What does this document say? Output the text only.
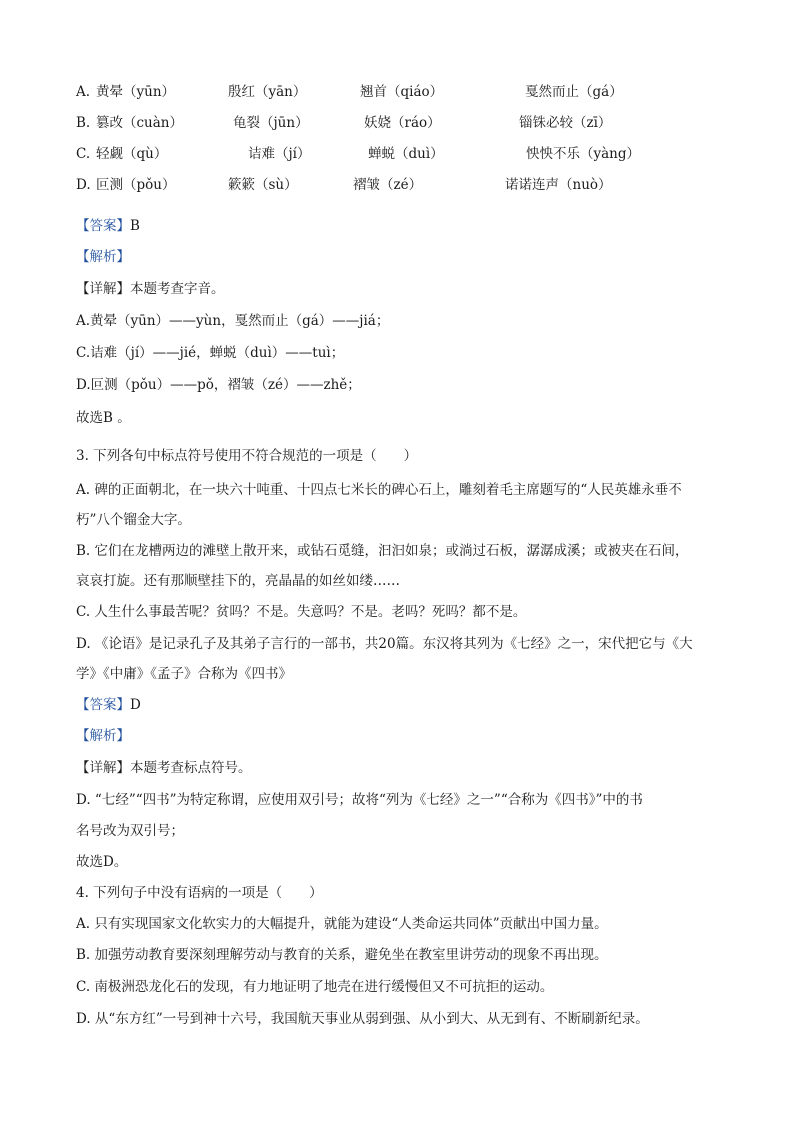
A. 黄晕（yūn）	殷红（yān）	翘首（qiáo）	戛然而止（gá）
B. 篡改（cuàn）	龟裂（jūn）	妖娆（ráo）	锱铢必较（zī）
C. 轻觑（qù）	诘难（jí）	蝉蜕（duì）	怏怏不乐（yàng）
D. 叵测（pǒu）	簌簌（sù）	褶皱（zé）	诺诺连声（nuò）
【答案】B
【解析】
【详解】本题考查字音。
A.黄晕（yūn）——yùn，戛然而止（gá）——jiá；
C.诘难（jí）——jié，蝉蜕（duì）——tuì；
D.叵测（pǒu）——pǒ，褶皱（zé）——zhě；
故选B 。
3. 下列各句中标点符号使用不符合规范的一项是（　　）
A. 碑的正面朝北，在一块六十吨重、十四点七米长的碑心石上，雕刻着毛主席题写的“人民英雄永垂不
朽”八个镏金大字。
B. 它们在龙槽两边的滩壁上散开来，或钻石觅缝，汩汩如泉；或淌过石板，潺潺成溪；或被夹在石间，
哀哀打旋。还有那顺壁挂下的，亮晶晶的如丝如缕……
C. 人生什么事最苦呢？贫吗？不是。失意吗？不是。老吗？死吗？都不是。
D. 《论语》是记录孔子及其弟子言行的一部书，共20篇。东汉将其列为《七经》之一，宋代把它与《大
学》《中庸》《孟子》合称为《四书》
【答案】D
【解析】
【详解】本题考查标点符号。
D. “七经”“四书”为特定称谓，应使用双引号；故将“列为《七经》之一”“合称为《四书》”中的书
名号改为双引号；
故选D。
4. 下列句子中没有语病的一项是（　　）
A. 只有实现国家文化软实力的大幅提升，就能为建设“人类命运共同体”贡献出中国力量。
B. 加强劳动教育要深刻理解劳动与教育的关系，避免坐在教室里讲劳动的现象不再出现。
C. 南极洲恐龙化石的发现，有力地证明了地壳在进行缓慢但又不可抗拒的运动。
D. 从“东方红”一号到神十六号，我国航天事业从弱到强、从小到大、从无到有、不断刷新纪录。
